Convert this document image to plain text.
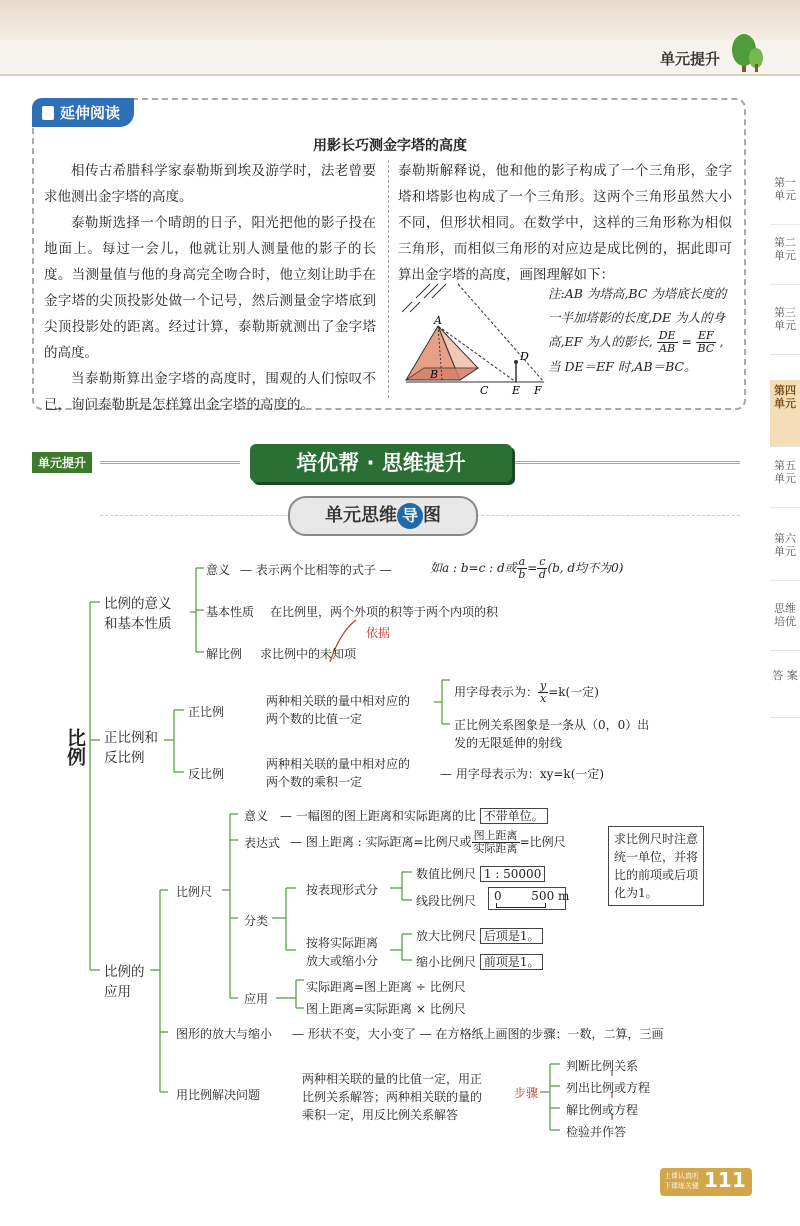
单元提升
第一单元
第二单元
第三单元
第四单元
第五单元
第六单元
思维培优
答 案
延伸阅读
用影长巧测金字塔的高度

相传古希腊科学家泰勒斯到埃及游学时，法老曾要求他测出金字塔的高度。

泰勒斯选择一个晴朗的日子，阳光把他的影子投在地面上。每过一会儿，他就让别人测量他的影子的长度。当测量值与他的身高完全吻合时，他立刻让助手在金字塔的尖顶投影处做一个记号，然后测量金字塔底到尖顶投影处的距离。经过计算，泰勒斯就测出了金字塔的高度。

当泰勒斯算出金字塔的高度时，围观的人们惊叹不已，询问泰勒斯是怎样算出金字塔的高度的。

泰勒斯解释说，他和他的影子构成了一个三角形，金字塔和塔影也构成了一个三角形。这两个三角形虽然大小不同，但形状相同。在数学中，这样的三角形称为相似三角形，而相似三角形的对应边是成比例的，据此即可算出金字塔的高度，画图理解如下：

A
B
C
D
E F
注:AB 为塔高,BC 为塔底长度的一半加塔影的长度,DE 为人的身高,EF 为人的影长, $\frac{DE}{AB} = \frac{EF}{BC}$ ,当 DE＝EF 时,AB＝BC。
单元提升	培优帮 · 思维提升
单元思维 导 图
比例
比例的意义
和基本性质
意义 — 表示两个比相等的式子 —	如a : b=c : d或 $\frac{a}{b} = \frac{c}{d} (b$, d均不为0)
基本性质 在比例里，两个外项的积等于两个内项的积
依据
解比例 求比例中的未知项
正比例和
反比例
正比例
两种相关联的量中相对应的
两个数的比值一定
用字母表示为： $\frac{y}{x} =k$(一定)
正比例关系图象是一条从（0，0）出
发的无限延伸的射线
反比例
两种相关联的量中相对应的
两个数的乘积一定
— 用字母表示为：xy=k(一定)
比例的
应用
比例尺
意义 — 一幅图的图上距离和实际距离的比 不带单位。
表达式 — 图上距离 : 实际距离=比例尺或 $\frac{\text{图上距离}}{\text{实际距离}}$ =比例尺	求比例尺时注意统一单位，并将比的前项或后项化为1。
分类
按表现形式分
数值比例尺 1 : 50000
线段比例尺	0 500 m
按将实际距离
放大或缩小分
放大比例尺 后项是1。
缩小比例尺 前项是1。
应用
实际距离=图上距离 ÷ 比例尺
图上距离=实际距离 × 比例尺
图形的放大与缩小 — 形状不变，大小变了 — 在方格纸上画图的步骤：一数，二算，三画
用比例解决问题
两种相关联的量的比值一定，用正
比例关系解答；两种相关联的量的
乘积一定，用反比例关系解答
步骤
判断比例关系
列出比例或方程
解比例或方程
检验并作答
上课认真听
下课练关键 111
